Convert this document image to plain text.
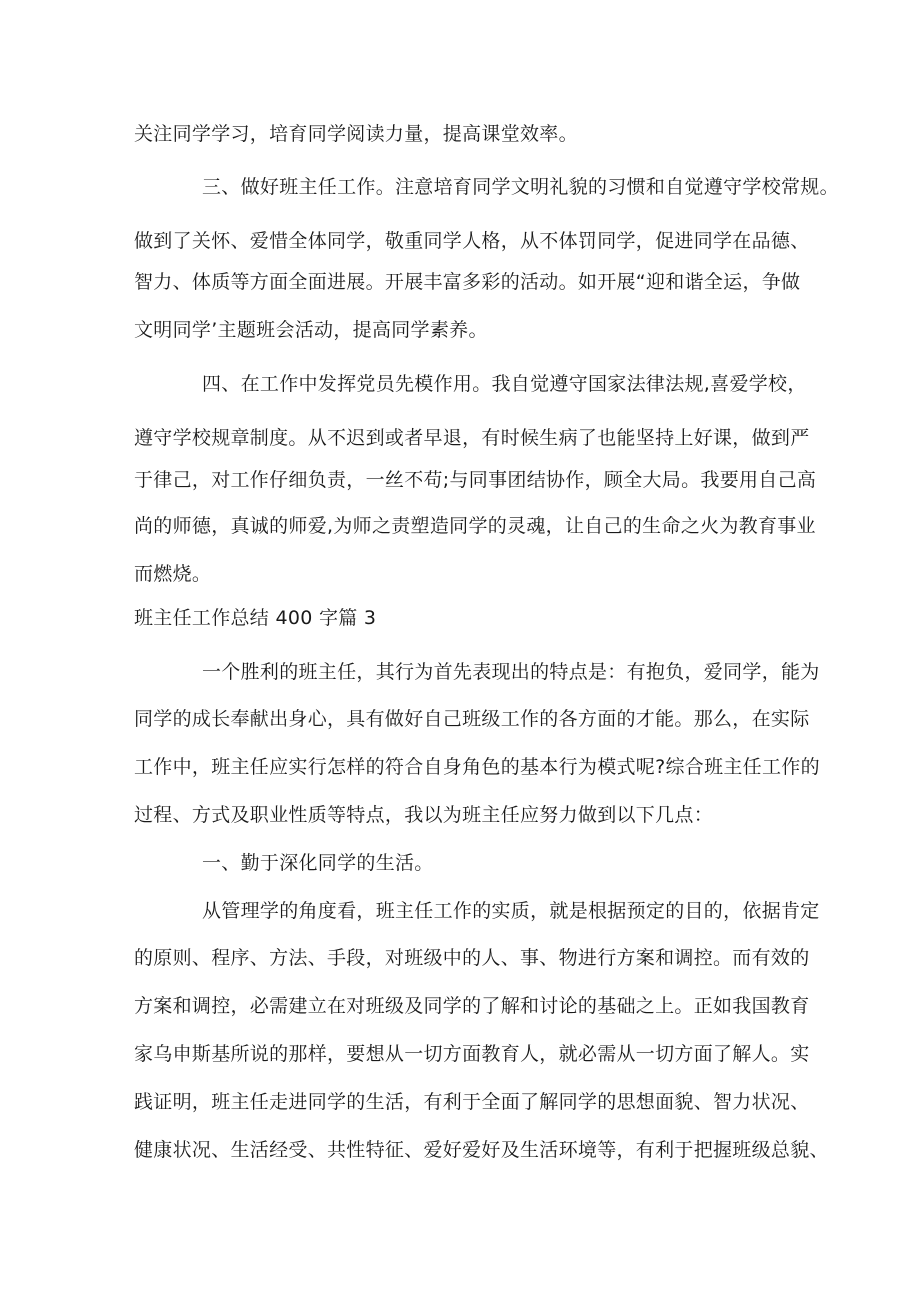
关注同学学习，培育同学阅读力量，提高课堂效率。
三、做好班主任工作。注意培育同学文明礼貌的习惯和自觉遵守学校常规。
做到了关怀、爱惜全体同学，敬重同学人格，从不体罚同学，促进同学在品德、
智力、体质等方面全面进展。开展丰富多彩的活动。如开展“迎和谐全运，争做
文明同学’主题班会活动，提高同学素养。
四、在工作中发挥党员先模作用。我自觉遵守国家法律法规,喜爱学校，
遵守学校规章制度。从不迟到或者早退，有时候生病了也能坚持上好课，做到严
于律己，对工作仔细负责，一丝不苟;与同事团结协作，顾全大局。我要用自己高
尚的师德，真诚的师爱,为师之责塑造同学的灵魂，让自己的生命之火为教育事业
而燃烧。
班主任工作总结 400 字篇 3
一个胜利的班主任，其行为首先表现出的特点是：有抱负，爱同学，能为
同学的成长奉献出身心，具有做好自己班级工作的各方面的才能。那么，在实际
工作中，班主任应实行怎样的符合自身角色的基本行为模式呢?综合班主任工作的
过程、方式及职业性质等特点，我以为班主任应努力做到以下几点：
一、勤于深化同学的生活。
从管理学的角度看，班主任工作的实质，就是根据预定的目的，依据肯定
的原则、程序、方法、手段，对班级中的人、事、物进行方案和调控。而有效的
方案和调控，必需建立在对班级及同学的了解和讨论的基础之上。正如我国教育
家乌申斯基所说的那样，要想从一切方面教育人，就必需从一切方面了解人。实
践证明，班主任走进同学的生活，有利于全面了解同学的思想面貌、智力状况、
健康状况、生活经受、共性特征、爱好爱好及生活环境等，有利于把握班级总貌、
